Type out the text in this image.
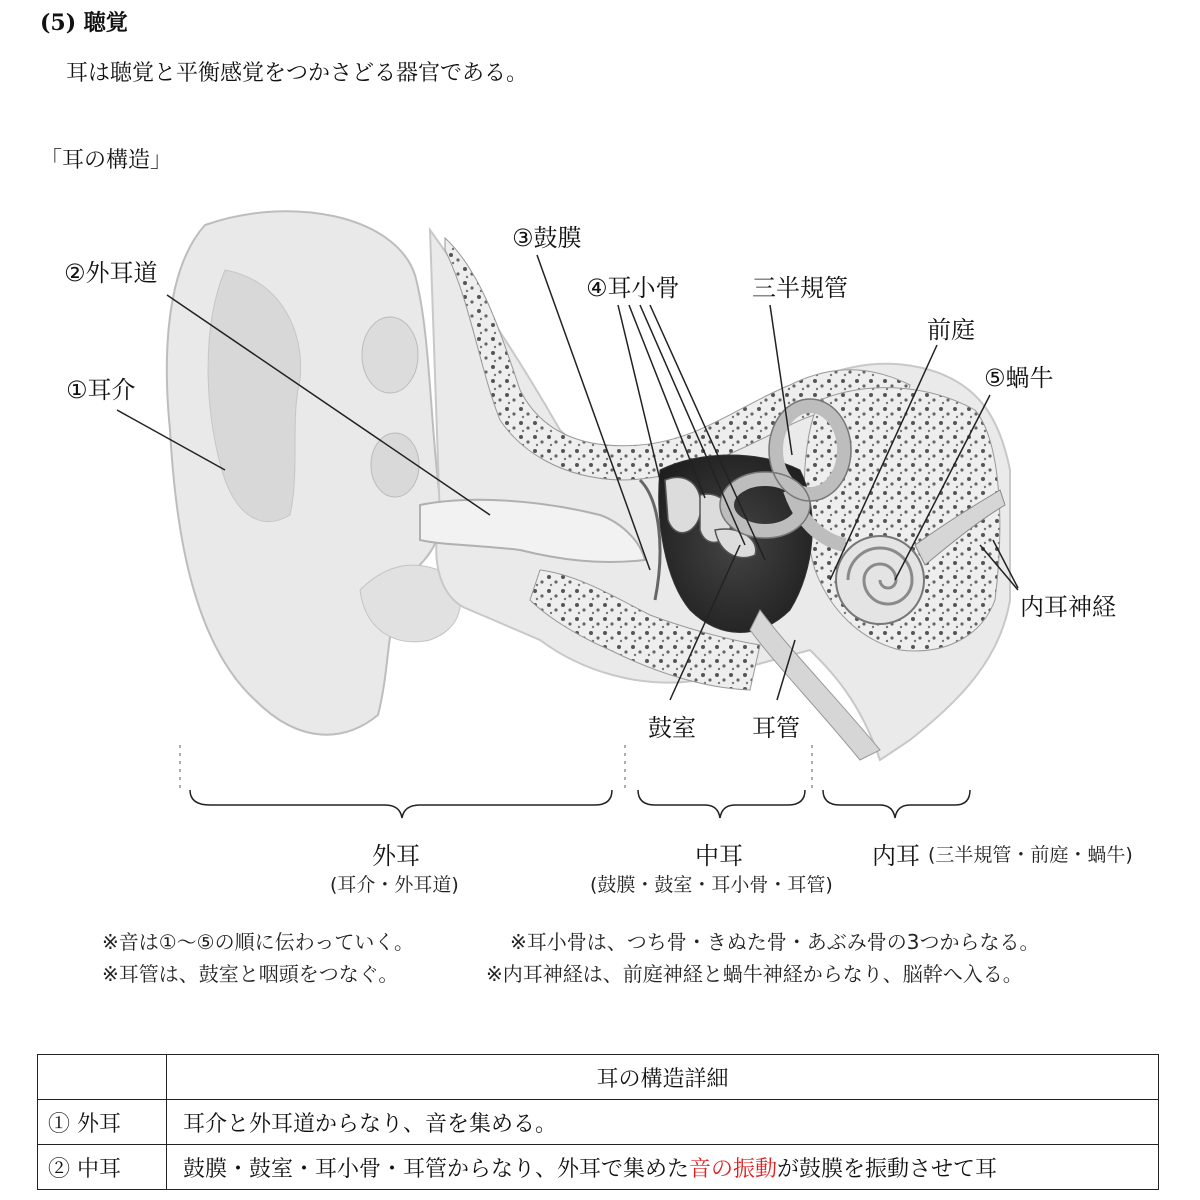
(5) 聴覚
耳は聴覚と平衡感覚をつかさどる器官である。
「耳の構造」
①耳介
②外耳道
③鼓膜
④耳小骨	三半規管
前庭
⑤蝸牛
内耳神経
鼓室 耳管
外耳
(耳介・外耳道)
中耳
(鼓膜・鼓室・耳小骨・耳管)
内耳 (三半規管・前庭・蝸牛)
※音は①〜⑤の順に伝わっていく。	※耳小骨は、つち骨・きぬた骨・あぶみ骨の3つからなる。
※耳管は、鼓室と咽頭をつなぐ。	※内耳神経は、前庭神経と蝸牛神経からなり、脳幹へ入る。
	耳の構造詳細
① 外耳	耳介と外耳道からなり、音を集める。
② 中耳	鼓膜・鼓室・耳小骨・耳管からなり、外耳で集めた音の振動が鼓膜を振動させて耳
